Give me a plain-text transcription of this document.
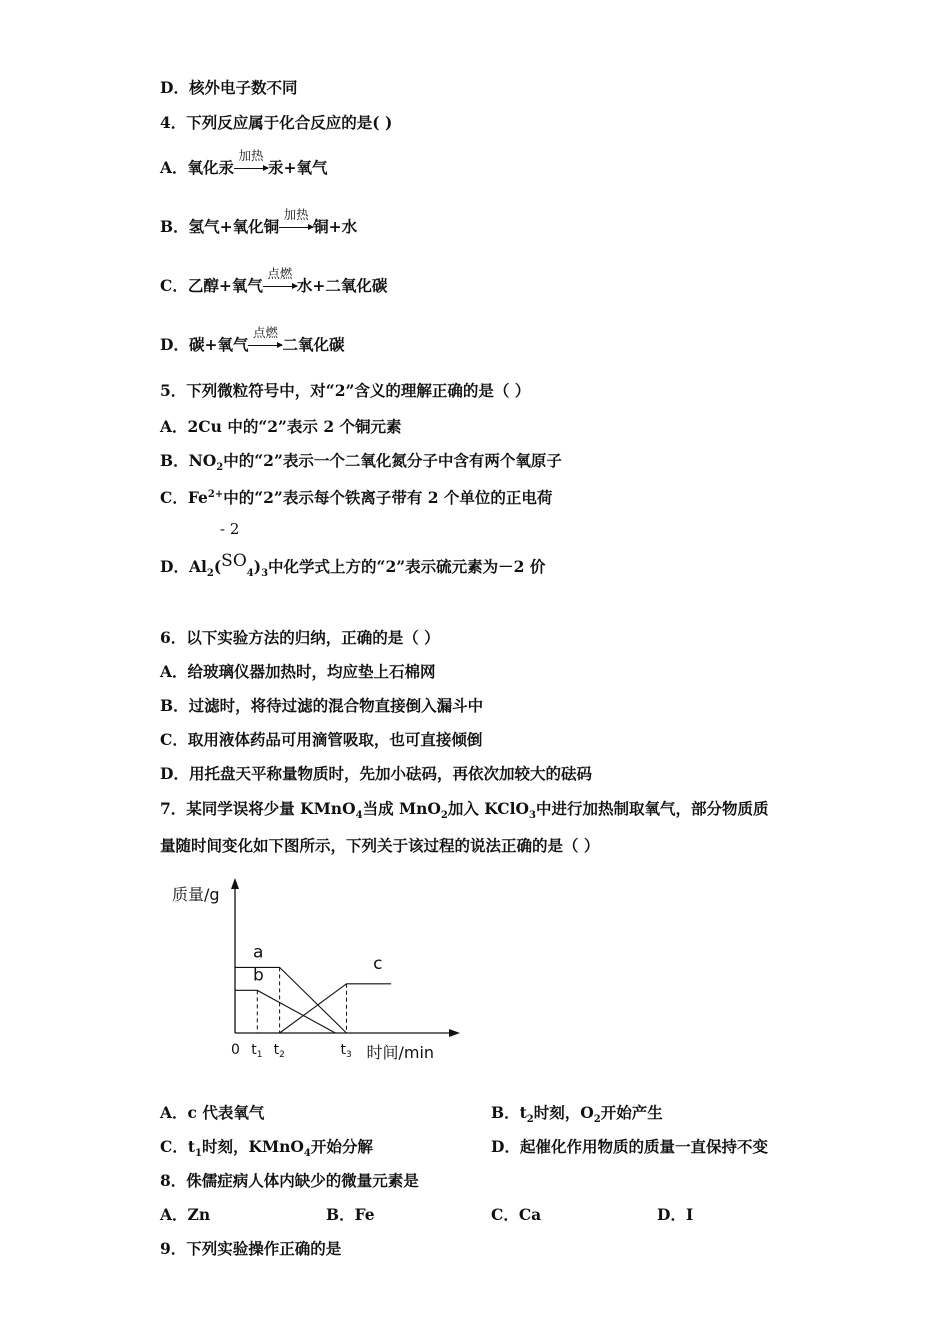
D．核外电子数不同
4．下列反应属于化合反应的是( )
A．氧化汞
加热
汞+氧气
B．氢气+氧化铜
加热
铜+水
C．乙醇+氧气
点燃
水+二氧化碳
D．碳+氧气
点燃
二氧化碳
5．下列微粒符号中，对“2”含义的理解正确的是（ ）
A．2Cu 中的“2”表示 2 个铜元素
B．$NO_2$中的“2”表示一个二氧化氮分子中含有两个氧原子
C．$Fe^{2+}$中的“2”表示每个铁离子带有 2 个单位的正电荷
- 2
D．$Al_2(SO_4)_3$中化学式上方的“2”表示硫元素为－2 价
6．以下实验方法的归纳，正确的是（ ）
A．给玻璃仪器加热时，均应垫上石棉网
B．过滤时，将待过滤的混合物直接倒入漏斗中
C．取用液体药品可用滴管吸取，也可直接倾倒
D．用托盘天平称量物质时，先加小砝码，再依次加较大的砝码
7．某同学误将少量 KMnO$_4$当成 MnO$_2$加入 KClO$_3$中进行加热制取氧气，部分物质质
量随时间变化如下图所示，下列关于该过程的说法正确的是（ ）
a
b
c
质量/g
0 $t_1$ $t_2$	$t_3$ 时间/min
A．c 代表氧气	B．$t_2$时刻，$O_2$开始产生
C．$t_1$时刻，KMnO$_4$开始分解	D．起催化作用物质的质量一直保持不变
8．侏儒症病人体内缺少的微量元素是
A．Zn	B．Fe	C．Ca	D．I
9．下列实验操作正确的是
